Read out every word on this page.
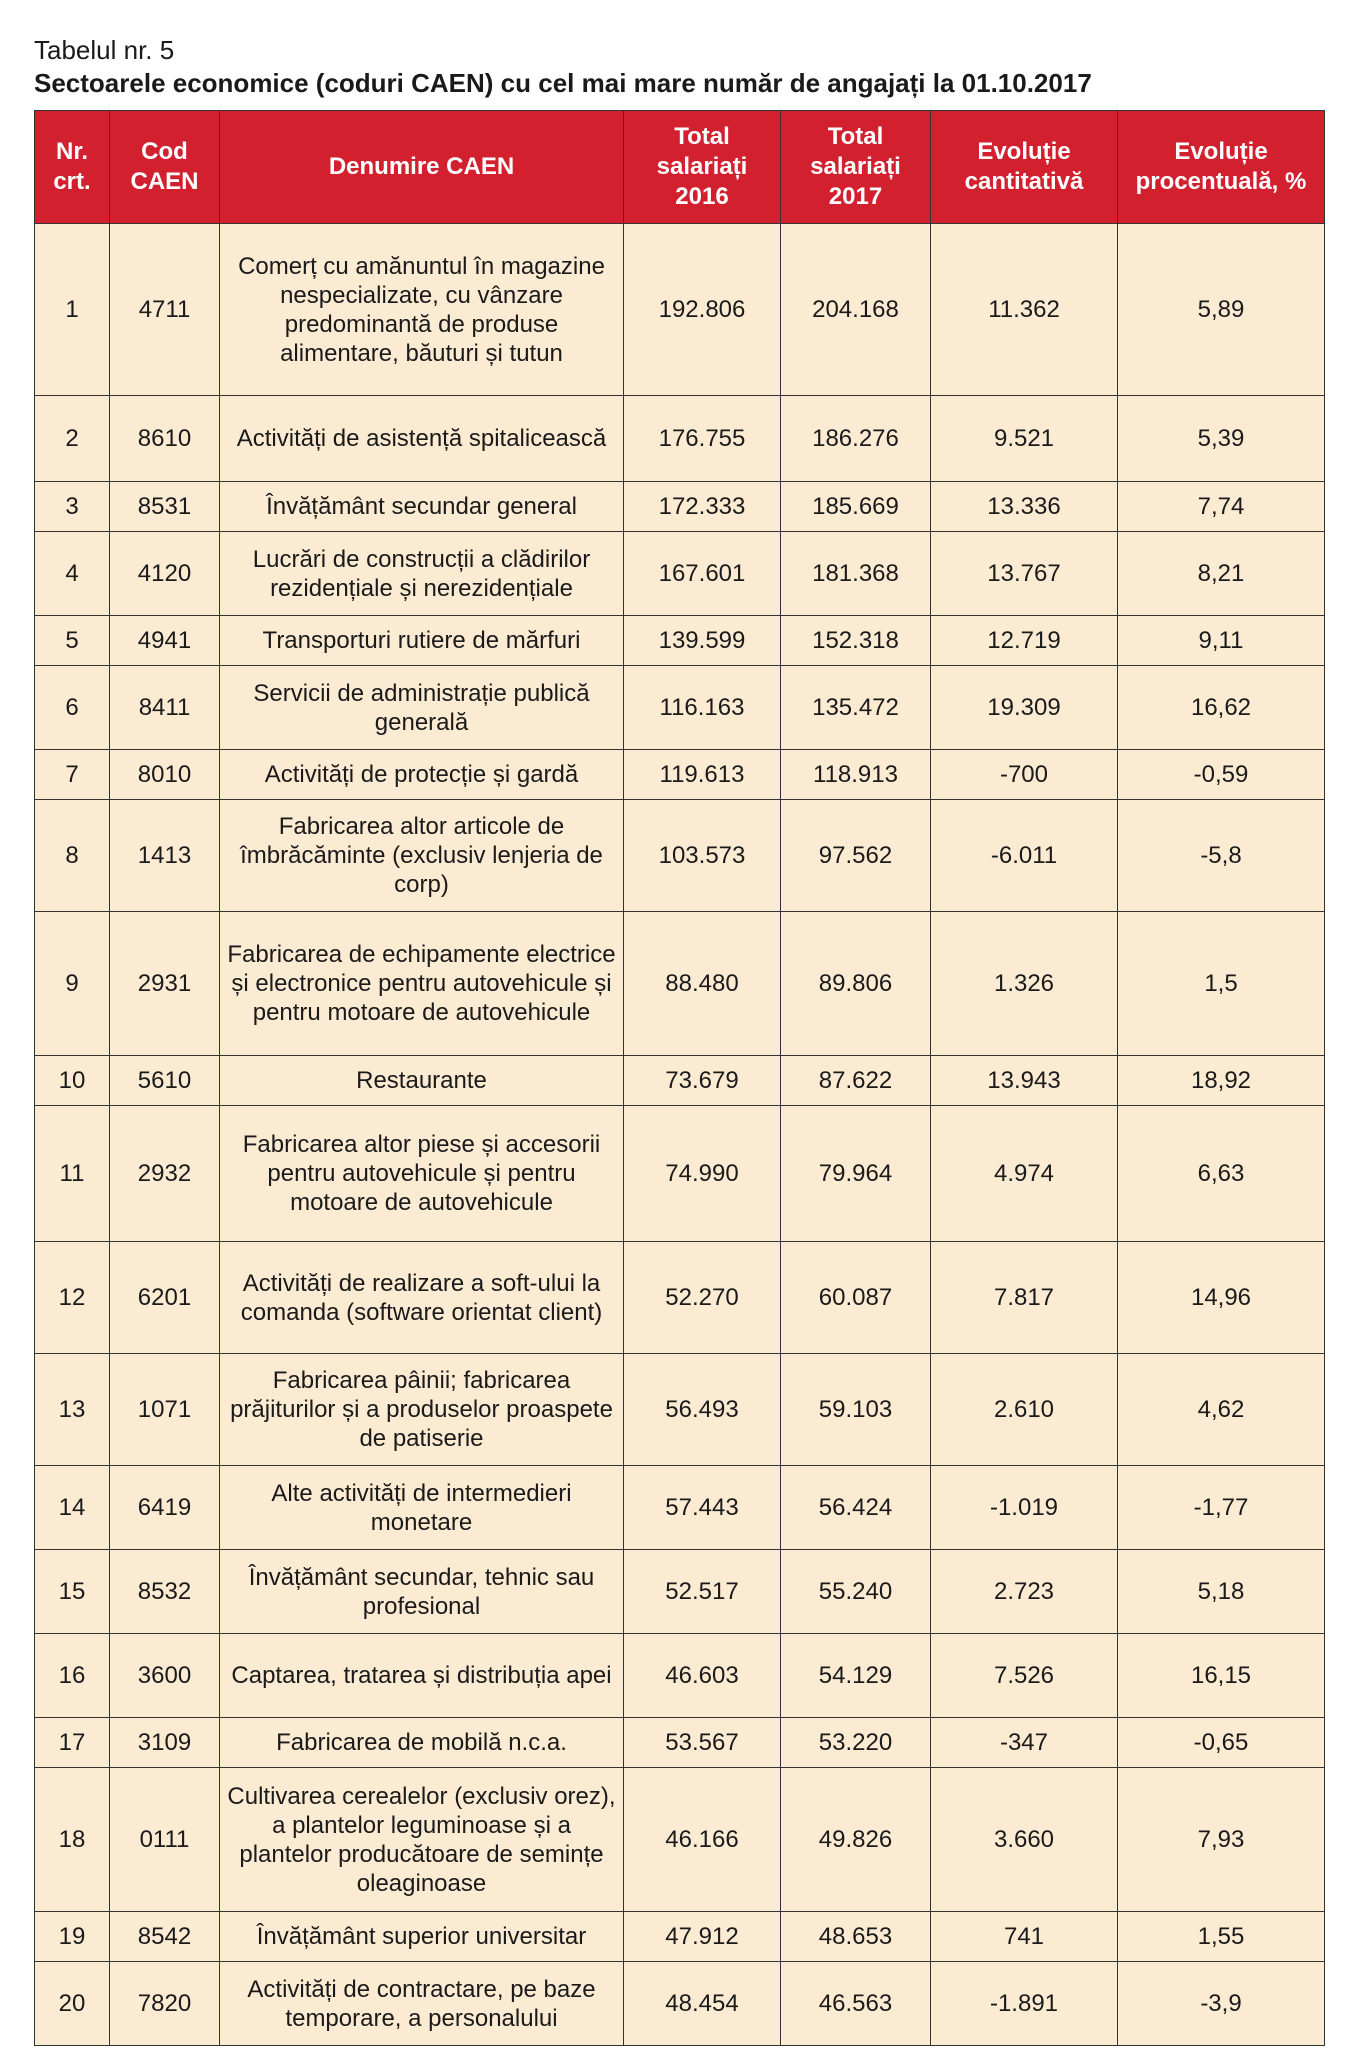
Tabelul nr. 5
Sectoarele economice (coduri CAEN) cu cel mai mare număr de angajați la 01.10.2017
Nr. crt.	Cod CAEN	Denumire CAEN	Total salariați 2016	Total salariați 2017	Evoluție cantitativă	Evoluție procentuală, %
1	4711	Comerț cu amănuntul în magazine nespecializate, cu vânzare predominantă de produse alimentare, băuturi și tutun	192.806	204.168	11.362	5,89
2	8610	Activități de asistență spitalicească	176.755	186.276	9.521	5,39
3	8531	Învățământ secundar general	172.333	185.669	13.336	7,74
4	4120	Lucrări de construcții a clădirilor rezidențiale și nerezidențiale	167.601	181.368	13.767	8,21
5	4941	Transporturi rutiere de mărfuri	139.599	152.318	12.719	9,11
6	8411	Servicii de administrație publică generală	116.163	135.472	19.309	16,62
7	8010	Activități de protecție și gardă	119.613	118.913	-700	-0,59
8	1413	Fabricarea altor articole de îmbrăcăminte (exclusiv lenjeria de corp)	103.573	97.562	-6.011	-5,8
9	2931	Fabricarea de echipamente electrice și electronice pentru autovehicule și pentru motoare de autovehicule	88.480	89.806	1.326	1,5
10	5610	Restaurante	73.679	87.622	13.943	18,92
11	2932	Fabricarea altor piese și accesorii pentru autovehicule și pentru motoare de autovehicule	74.990	79.964	4.974	6,63
12	6201	Activități de realizare a soft-ului la comanda (software orientat client)	52.270	60.087	7.817	14,96
13	1071	Fabricarea pâinii; fabricarea prăjiturilor și a produselor proaspete de patiserie	56.493	59.103	2.610	4,62
14	6419	Alte activități de intermedieri monetare	57.443	56.424	-1.019	-1,77
15	8532	Învățământ secundar, tehnic sau profesional	52.517	55.240	2.723	5,18
16	3600	Captarea, tratarea și distribuția apei	46.603	54.129	7.526	16,15
17	3109	Fabricarea de mobilă n.c.a.	53.567	53.220	-347	-0,65
18	0111	Cultivarea cerealelor (exclusiv orez), a plantelor leguminoase și a plantelor producătoare de semințe oleaginoase	46.166	49.826	3.660	7,93
19	8542	Învățământ superior universitar	47.912	48.653	741	1,55
20	7820	Activități de contractare, pe baze temporare, a personalului	48.454	46.563	-1.891	-3,9
